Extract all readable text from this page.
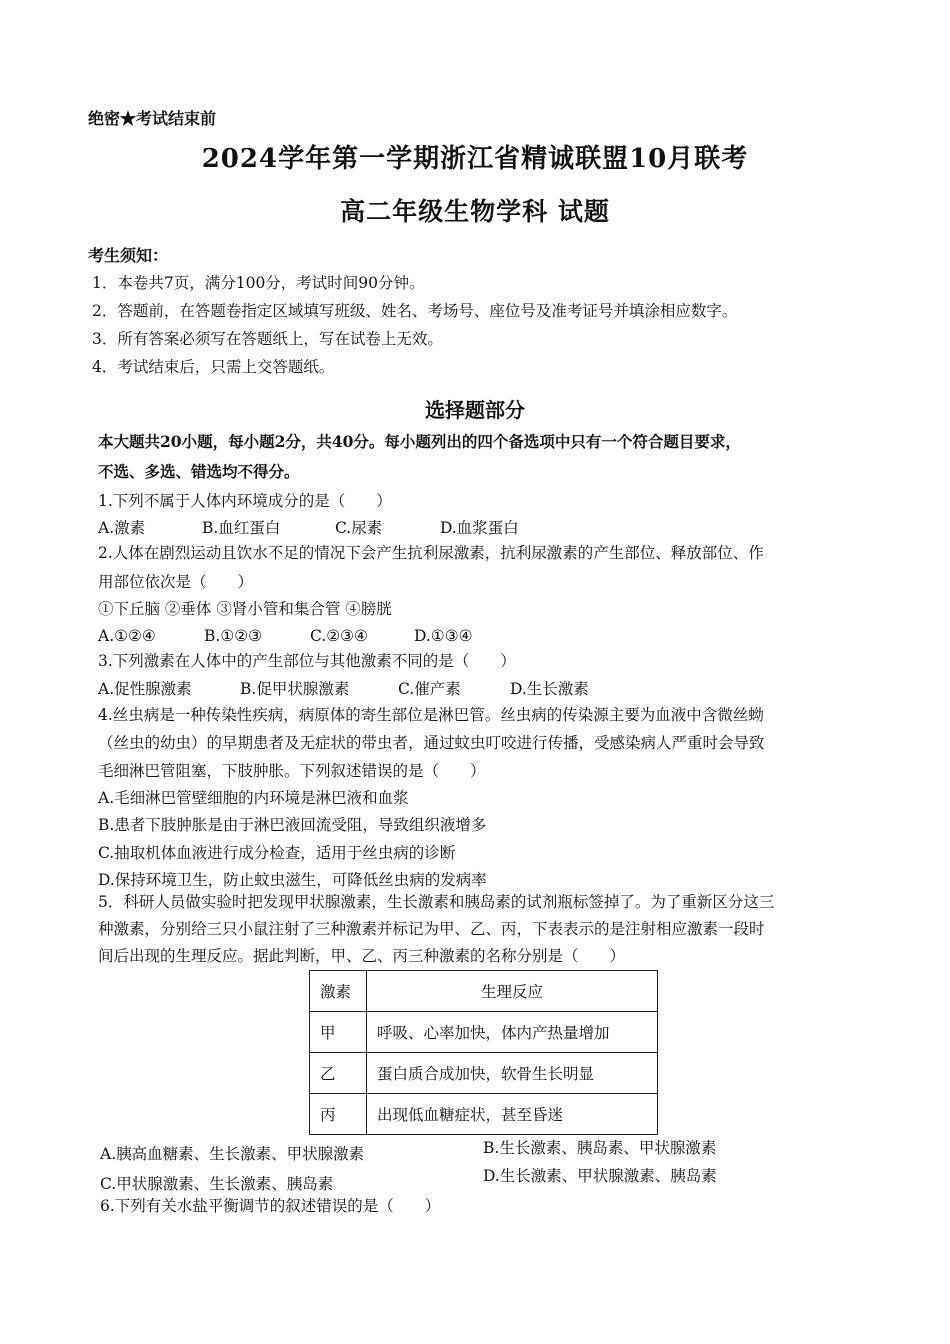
绝密★考试结束前
2024学年第一学期浙江省精诚联盟10月联考
高二年级生物学科 试题
考生须知：
1．本卷共7页，满分100分，考试时间90分钟。
2．答题前，在答题卷指定区域填写班级、姓名、考场号、座位号及准考证号并填涂相应数字。
3．所有答案必须写在答题纸上，写在试卷上无效。
4．考试结束后，只需上交答题纸。
选择题部分
本大题共20小题，每小题2分，共40分。每小题列出的四个备选项中只有一个符合题目要求，
不选、多选、错选均不得分。
1.下列不属于人体内环境成分的是（　　）
A.激素	B.血红蛋白	C.尿素	D.血浆蛋白
2.人体在剧烈运动且饮水不足的情况下会产生抗利尿激素，抗利尿激素的产生部位、释放部位、作
用部位依次是（　　）
①下丘脑 ②垂体 ③肾小管和集合管 ④膀胱
A.①②④	B.①②③	C.②③④	D.①③④
3.下列激素在人体中的产生部位与其他激素不同的是（　　）
A.促性腺激素	B.促甲状腺激素	C.催产素	D.生长激素
4.丝虫病是一种传染性疾病，病原体的寄生部位是淋巴管。丝虫病的传染源主要为血液中含微丝蚴
（丝虫的幼虫）的早期患者及无症状的带虫者，通过蚊虫叮咬进行传播，受感染病人严重时会导致
毛细淋巴管阻塞，下肢肿胀。下列叙述错误的是（　　）
A.毛细淋巴管壁细胞的内环境是淋巴液和血浆
B.患者下肢肿胀是由于淋巴液回流受阻，导致组织液增多
C.抽取机体血液进行成分检查，适用于丝虫病的诊断
D.保持环境卫生，防止蚊虫滋生，可降低丝虫病的发病率
5．科研人员做实验时把发现甲状腺激素，生长激素和胰岛素的试剂瓶标签掉了。为了重新区分这三
种激素，分别给三只小鼠注射了三种激素并标记为甲、乙、丙，下表表示的是注射相应激素一段时
间后出现的生理反应。据此判断，甲、乙、丙三种激素的名称分别是（　　）
激素	生理反应
甲	呼吸、心率加快，体内产热量增加
乙	蛋白质合成加快，软骨生长明显
丙	出现低血糖症状，甚至昏迷
A.胰高血糖素、生长激素、甲状腺激素	B.生长激素、胰岛素、甲状腺激素
C.甲状腺激素、生长激素、胰岛素	D.生长激素、甲状腺激素、胰岛素
6.下列有关水盐平衡调节的叙述错误的是（　　）
